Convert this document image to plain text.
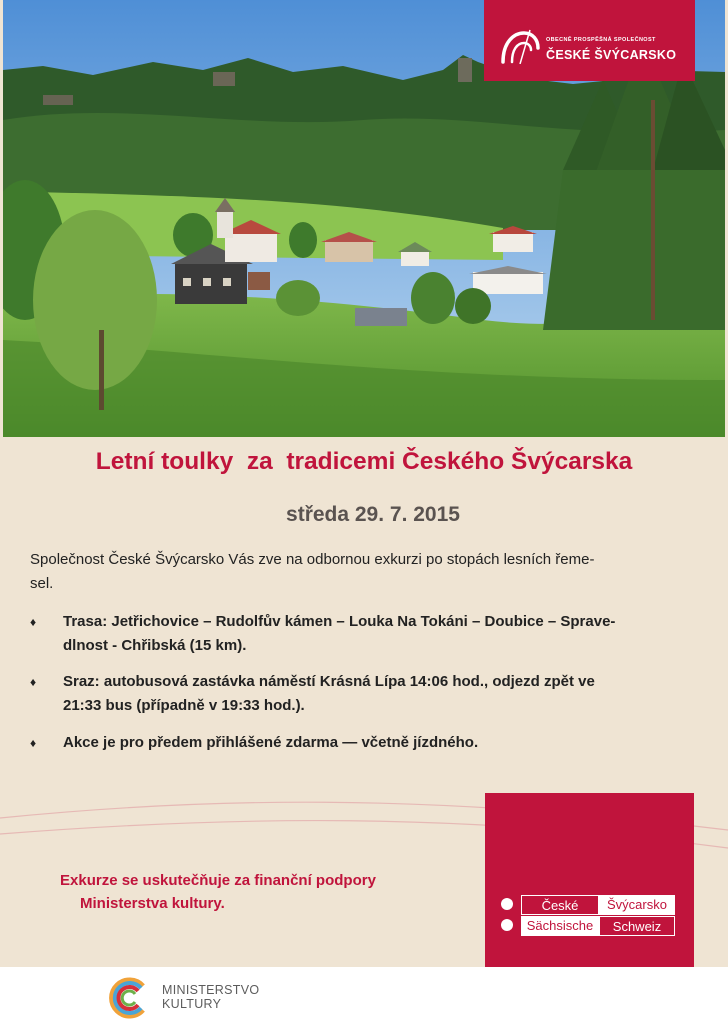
OBECNĚ PROSPĚŠNÁ SPOLEČNOST
ČESKÉ ŠVÝCARSKO
Letní toulky  za  tradicemi Českého Švýcarska
středa 29. 7. 2015
Společnost České Švýcarsko Vás zve na odbornou exkurzi po stopách lesních řeme-
sel.
♦ Trasa: Jetřichovice – Rudolfův kámen – Louka Na Tokáni – Doubice – Sprave-
dlnost - Chřibská (15 km).
♦ Sraz: autobusová zastávka náměstí Krásná Lípa 14:06 hod., odjezd zpět ve
21:33 bus (případně v 19:33 hod.).
♦ Akce je pro předem přihlášené zdarma — včetně jízdného.
České	Švýcarsko
Sächsische	Schweiz
Exkurze se uskutečňuje za finanční podpory
Ministerstva kultury.
MINISTERSTVO
KULTURY
